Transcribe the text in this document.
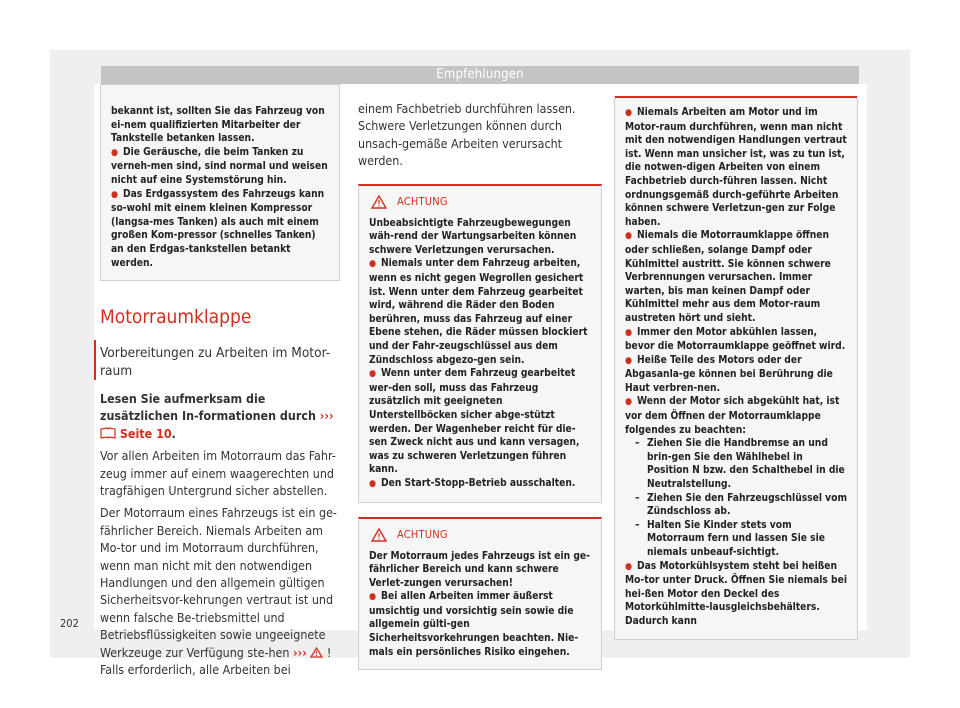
Empfehlungen

bekannt ist, sollten Sie das Fahrzeug von ei-nem qualifizierten Mitarbeiter der Tankstelle betanken lassen.

● Die Geräusche, die beim Tanken zu verneh-men sind, sind normal und weisen nicht auf eine Systemstörung hin.

● Das Erdgassystem des Fahrzeugs kann so-wohl mit einem kleinen Kompressor (langsa-mes Tanken) als auch mit einem großen Kom-pressor (schnelles Tanken) an den Erdgas-tankstellen betankt werden.

Motorraumklappe
Vorbereitungen zu Arbeiten im Motor-raum

Lesen Sie aufmerksam die zusätzlichen In-formationen durch ›››  Seite 10.

Vor allen Arbeiten im Motorraum das Fahr-zeug immer auf einem waagerechten und tragfähigen Untergrund sicher abstellen.

Der Motorraum eines Fahrzeugs ist ein ge-fährlicher Bereich. Niemals Arbeiten am Mo-tor und im Motorraum durchführen, wenn man nicht mit den notwendigen Handlungen und den allgemein gültigen Sicherheitsvor-kehrungen vertraut ist und wenn falsche Be-triebsmittel und Betriebsflüssigkeiten sowie ungeeignete Werkzeuge zur Verfügung ste-hen ››› ! Falls erforderlich, alle Arbeiten bei

einem Fachbetrieb durchführen lassen. Schwere Verletzungen können durch unsach-gemäße Arbeiten verursacht werden.

ACHTUNG

Unbeabsichtigte Fahrzeugbewegungen wäh-rend der Wartungsarbeiten können schwere Verletzungen verursachen.

● Niemals unter dem Fahrzeug arbeiten, wenn es nicht gegen Wegrollen gesichert ist. Wenn unter dem Fahrzeug gearbeitet wird, während die Räder den Boden berühren, muss das Fahrzeug auf einer Ebene stehen, die Räder müssen blockiert und der Fahr-zeugschlüssel aus dem Zündschloss abgezo-gen sein.

● Wenn unter dem Fahrzeug gearbeitet wer-den soll, muss das Fahrzeug zusätzlich mit geeigneten Unterstellböcken sicher abge-stützt werden. Der Wagenheber reicht für die-sen Zweck nicht aus und kann versagen, was zu schweren Verletzungen führen kann.

● Den Start-Stopp-Betrieb ausschalten.

ACHTUNG

Der Motorraum jedes Fahrzeugs ist ein ge-fährlicher Bereich und kann schwere Verlet-zungen verursachen!

● Bei allen Arbeiten immer äußerst umsichtig und vorsichtig sein sowie die allgemein gülti-gen Sicherheitsvorkehrungen beachten. Nie-mals ein persönliches Risiko eingehen.

● Niemals Arbeiten am Motor und im Motor-raum durchführen, wenn man nicht mit den notwendigen Handlungen vertraut ist. Wenn man unsicher ist, was zu tun ist, die notwen-digen Arbeiten von einem Fachbetrieb durch-führen lassen. Nicht ordnungsgemäß durch-geführte Arbeiten können schwere Verletzun-gen zur Folge haben.

● Niemals die Motorraumklappe öffnen oder schließen, solange Dampf oder Kühlmittel austritt. Sie können schwere Verbrennungen verursachen. Immer warten, bis man keinen Dampf oder Kühlmittel mehr aus dem Motor-raum austreten hört und sieht.

● Immer den Motor abkühlen lassen, bevor die Motorraumklappe geöffnet wird.

● Heiße Teile des Motors oder der Abgasanla-ge können bei Berührung die Haut verbren-nen.

● Wenn der Motor sich abgekühlt hat, ist vor dem Öffnen der Motorraumklappe folgendes zu beachten:

– Ziehen Sie die Handbremse an und brin-gen Sie den Wählhebel in Position N bzw. den Schalthebel in die Neutralstellung.

– Ziehen Sie den Fahrzeugschlüssel vom Zündschloss ab.

– Halten Sie Kinder stets vom Motorraum fern und lassen Sie sie niemals unbeauf-sichtigt.

● Das Motorkühlsystem steht bei heißen Mo-tor unter Druck. Öffnen Sie niemals bei hei-ßen Motor den Deckel des Motorkühlmitte-lausgleichsbehälters. Dadurch kann

202
